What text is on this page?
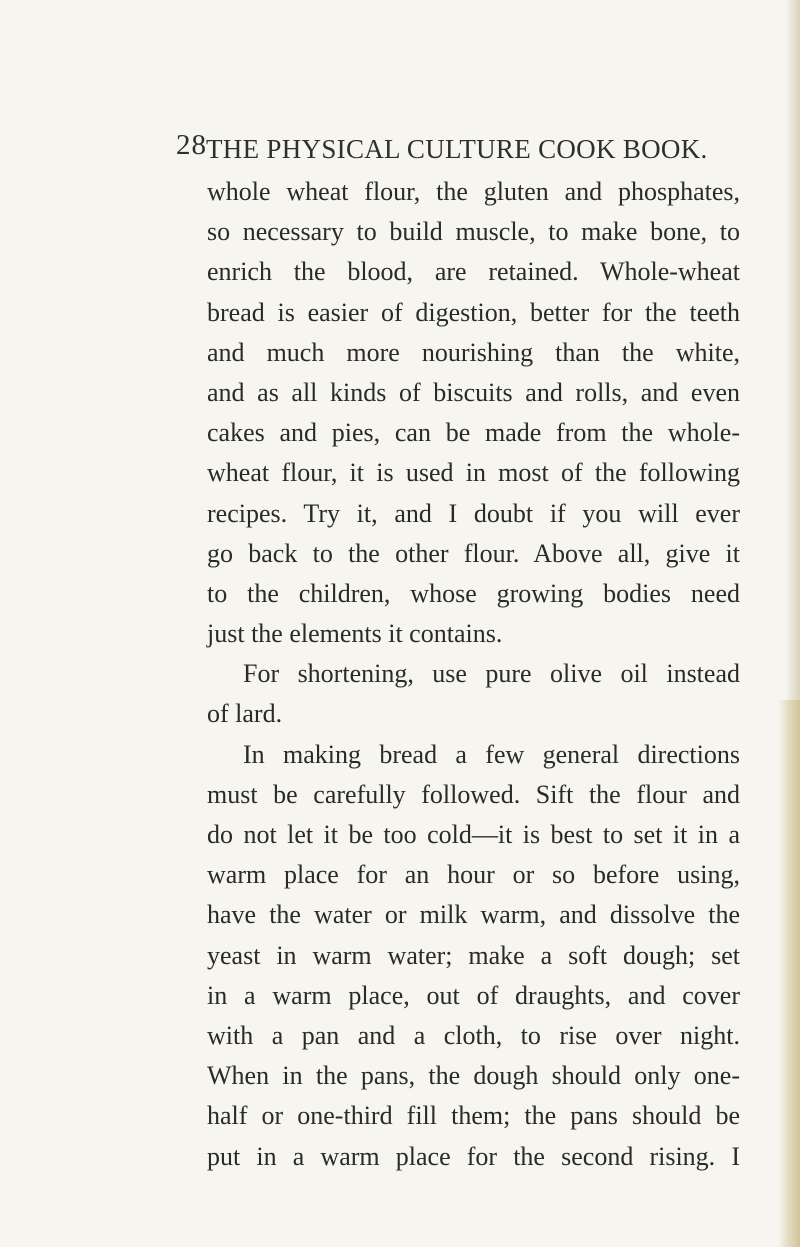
28 THE PHYSICAL CULTURE COOK BOOK.
whole wheat flour, the gluten and phosphates,
so necessary to build muscle, to make bone, to
enrich the blood, are retained. Whole-wheat
bread is easier of digestion, better for the teeth
and much more nourishing than the white,
and as all kinds of biscuits and rolls, and even
cakes and pies, can be made from the whole-
wheat flour, it is used in most of the following
recipes. Try it, and I doubt if you will ever
go back to the other flour. Above all, give it
to the children, whose growing bodies need
just the elements it contains.
For shortening, use pure olive oil instead
of lard.
In making bread a few general directions
must be carefully followed. Sift the flour and
do not let it be too cold—it is best to set it in a
warm place for an hour or so before using,
have the water or milk warm, and dissolve the
yeast in warm water; make a soft dough; set
in a warm place, out of draughts, and cover
with a pan and a cloth, to rise over night.
When in the pans, the dough should only one-
half or one-third fill them; the pans should be
put in a warm place for the second rising. I
